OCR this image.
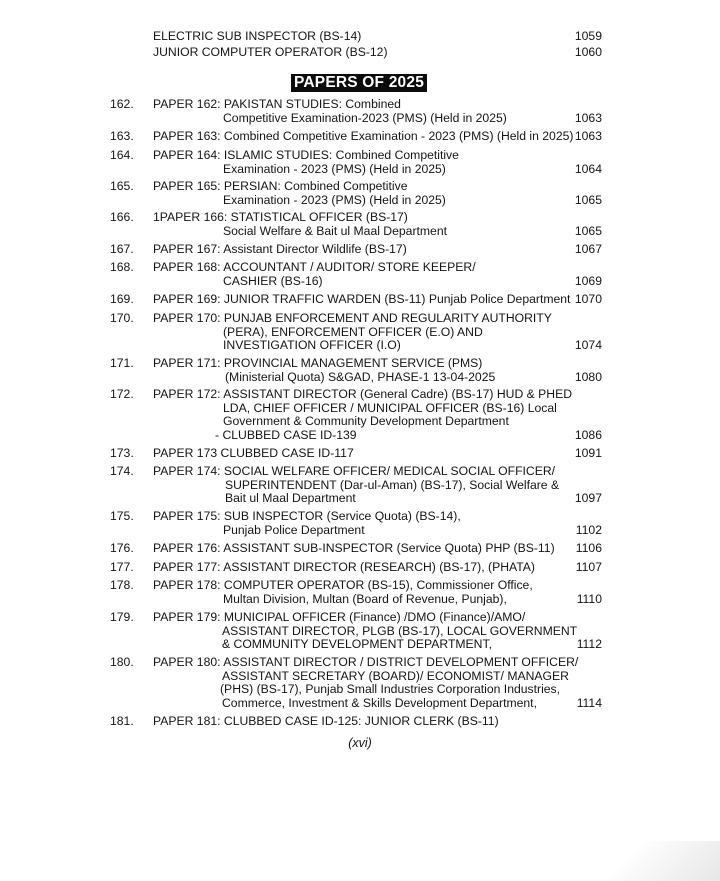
ELECTRIC SUB INSPECTOR (BS-14)	1059
JUNIOR COMPUTER OPERATOR (BS-12)	1060
PAPERS OF 2025
162. PAPER 162: PAKISTAN STUDIES: Combined
Competitive Examination-2023 (PMS) (Held in 2025)	1063
163. PAPER 163: Combined Competitive Examination - 2023 (PMS) (Held in 2025) 1063
164. PAPER 164: ISLAMIC STUDIES: Combined Competitive
Examination - 2023 (PMS) (Held in 2025)	1064
165. PAPER 165: PERSIAN: Combined Competitive
Examination - 2023 (PMS) (Held in 2025)	1065
166. 1PAPER 166: STATISTICAL OFFICER (BS-17)
Social Welfare & Bait ul Maal Department	1065
167. PAPER 167: Assistant Director Wildlife (BS-17)	1067
168. PAPER 168: ACCOUNTANT / AUDITOR/ STORE KEEPER/
CASHIER (BS-16)	1069
169. PAPER 169: JUNIOR TRAFFIC WARDEN (BS-11) Punjab Police Department 1070
170. PAPER 170: PUNJAB ENFORCEMENT AND REGULARITY AUTHORITY
(PERA), ENFORCEMENT OFFICER (E.O) AND
INVESTIGATION OFFICER (I.O)	1074
171. PAPER 171: PROVINCIAL MANAGEMENT SERVICE (PMS)
(Ministerial Quota) S&GAD, PHASE-1 13-04-2025	1080
172. PAPER 172: ASSISTANT DIRECTOR (General Cadre) (BS-17) HUD & PHED
LDA, CHIEF OFFICER / MUNICIPAL OFFICER (BS-16) Local
Government & Community Development Department
- CLUBBED CASE ID-139	1086
173. PAPER 173 CLUBBED CASE ID-117	1091
174. PAPER 174: SOCIAL WELFARE OFFICER/ MEDICAL SOCIAL OFFICER/
SUPERINTENDENT (Dar-ul-Aman) (BS-17), Social Welfare &
Bait ul Maal Department	1097
175. PAPER 175: SUB INSPECTOR (Service Quota) (BS-14),
Punjab Police Department	1102
176. PAPER 176: ASSISTANT SUB-INSPECTOR (Service Quota) PHP (BS-11) 1106
177. PAPER 177: ASSISTANT DIRECTOR (RESEARCH) (BS-17), (PHATA)	1107
178. PAPER 178: COMPUTER OPERATOR (BS-15), Commissioner Office,
Multan Division, Multan (Board of Revenue, Punjab),	1110
179. PAPER 179: MUNICIPAL OFFICER (Finance) /DMO (Finance)/AMO/
ASSISTANT DIRECTOR, PLGB (BS-17), LOCAL GOVERNMENT
& COMMUNITY DEVELOPMENT DEPARTMENT,	1112
180. PAPER 180: ASSISTANT DIRECTOR / DISTRICT DEVELOPMENT OFFICER/
ASSISTANT SECRETARY (BOARD)/ ECONOMIST/ MANAGER
(PHS) (BS-17), Punjab Small Industries Corporation Industries,
Commerce, Investment & Skills Development Department,	1114
181. PAPER 181: CLUBBED CASE ID-125: JUNIOR CLERK (BS-11)
(xvi)
